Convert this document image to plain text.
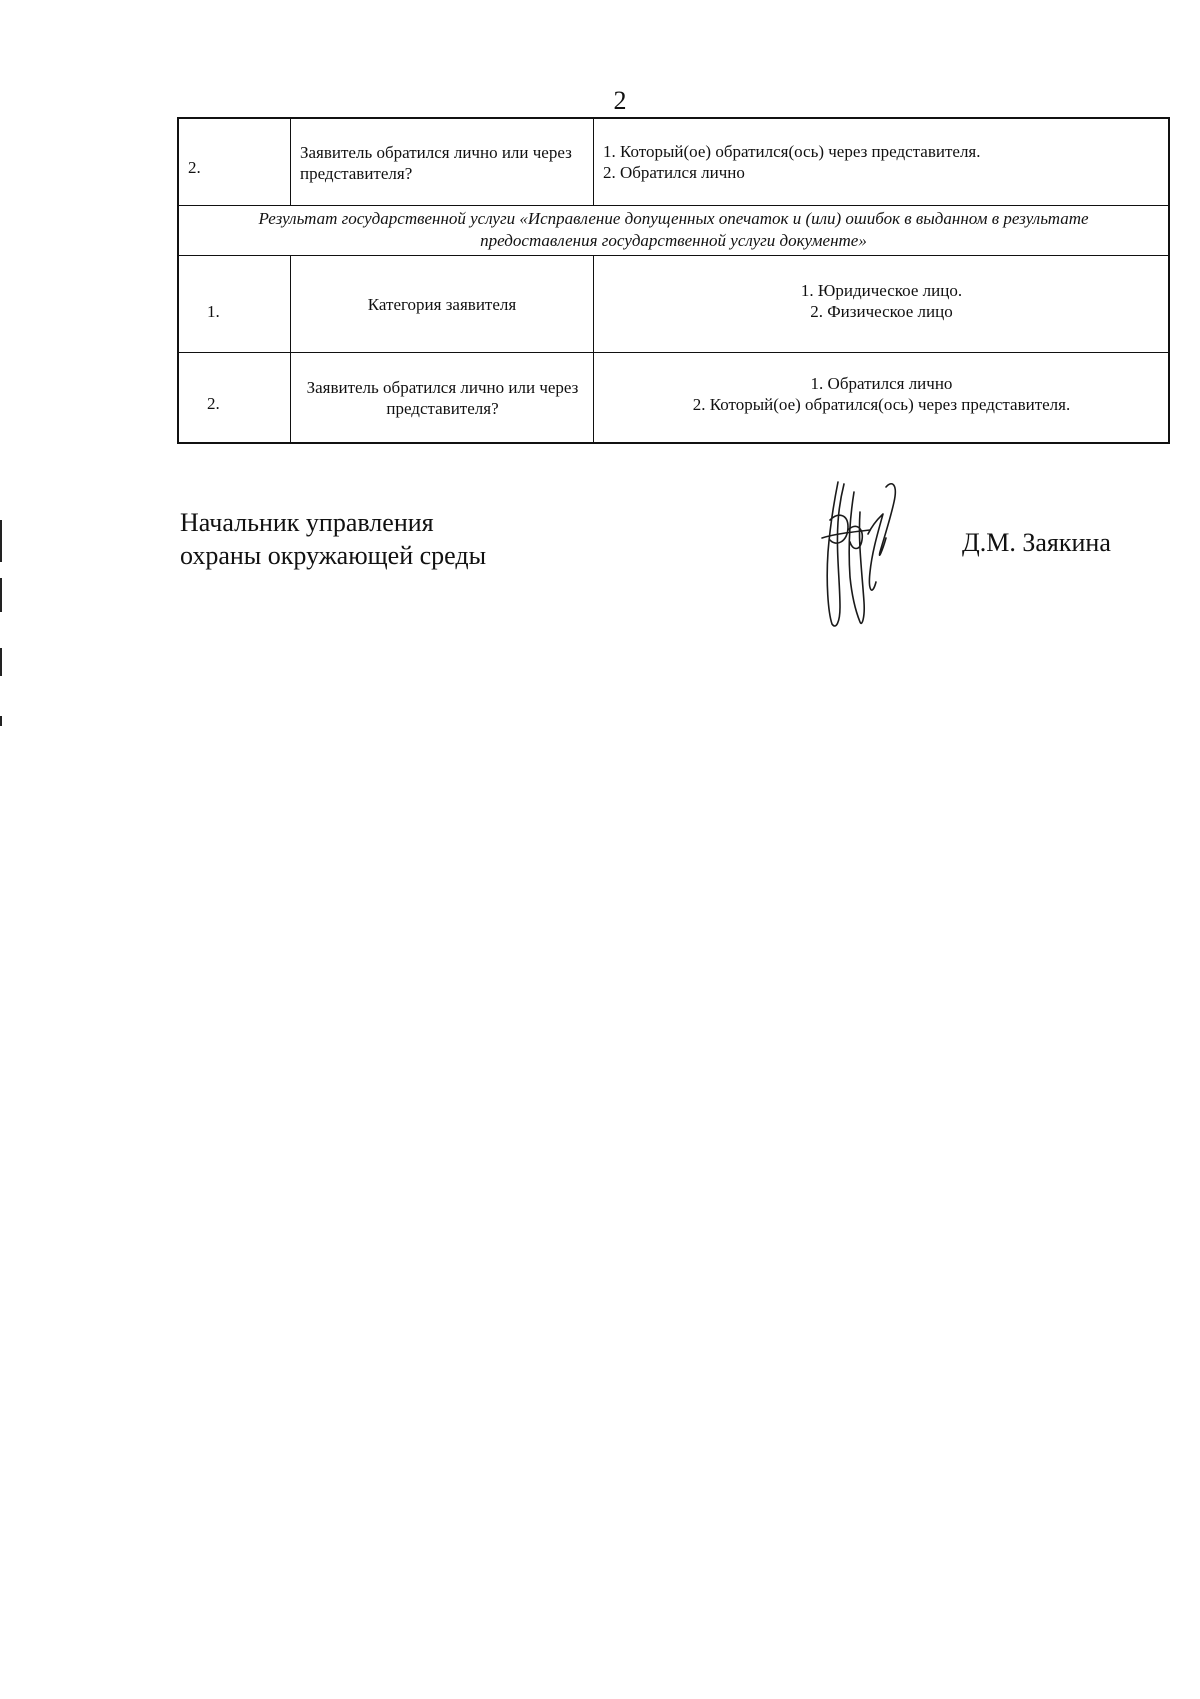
2
2.
Заявитель обратился лично или через представителя?
1. Который(ое) обратился(ось) через представителя.
2. Обратился лично
Результат государственной услуги «Исправление допущенных опечаток и (или) ошибок в выданном в результате предоставления государственной услуги документе»
1.	Категория заявителя
1. Юридическое лицо.
2. Физическое лицо
2.
Заявитель обратился лично или через представителя?
1. Обратился лично
2. Который(ое) обратился(ось) через представителя.
Начальник управления
охраны окружающей среды	Д.М. Заякина
